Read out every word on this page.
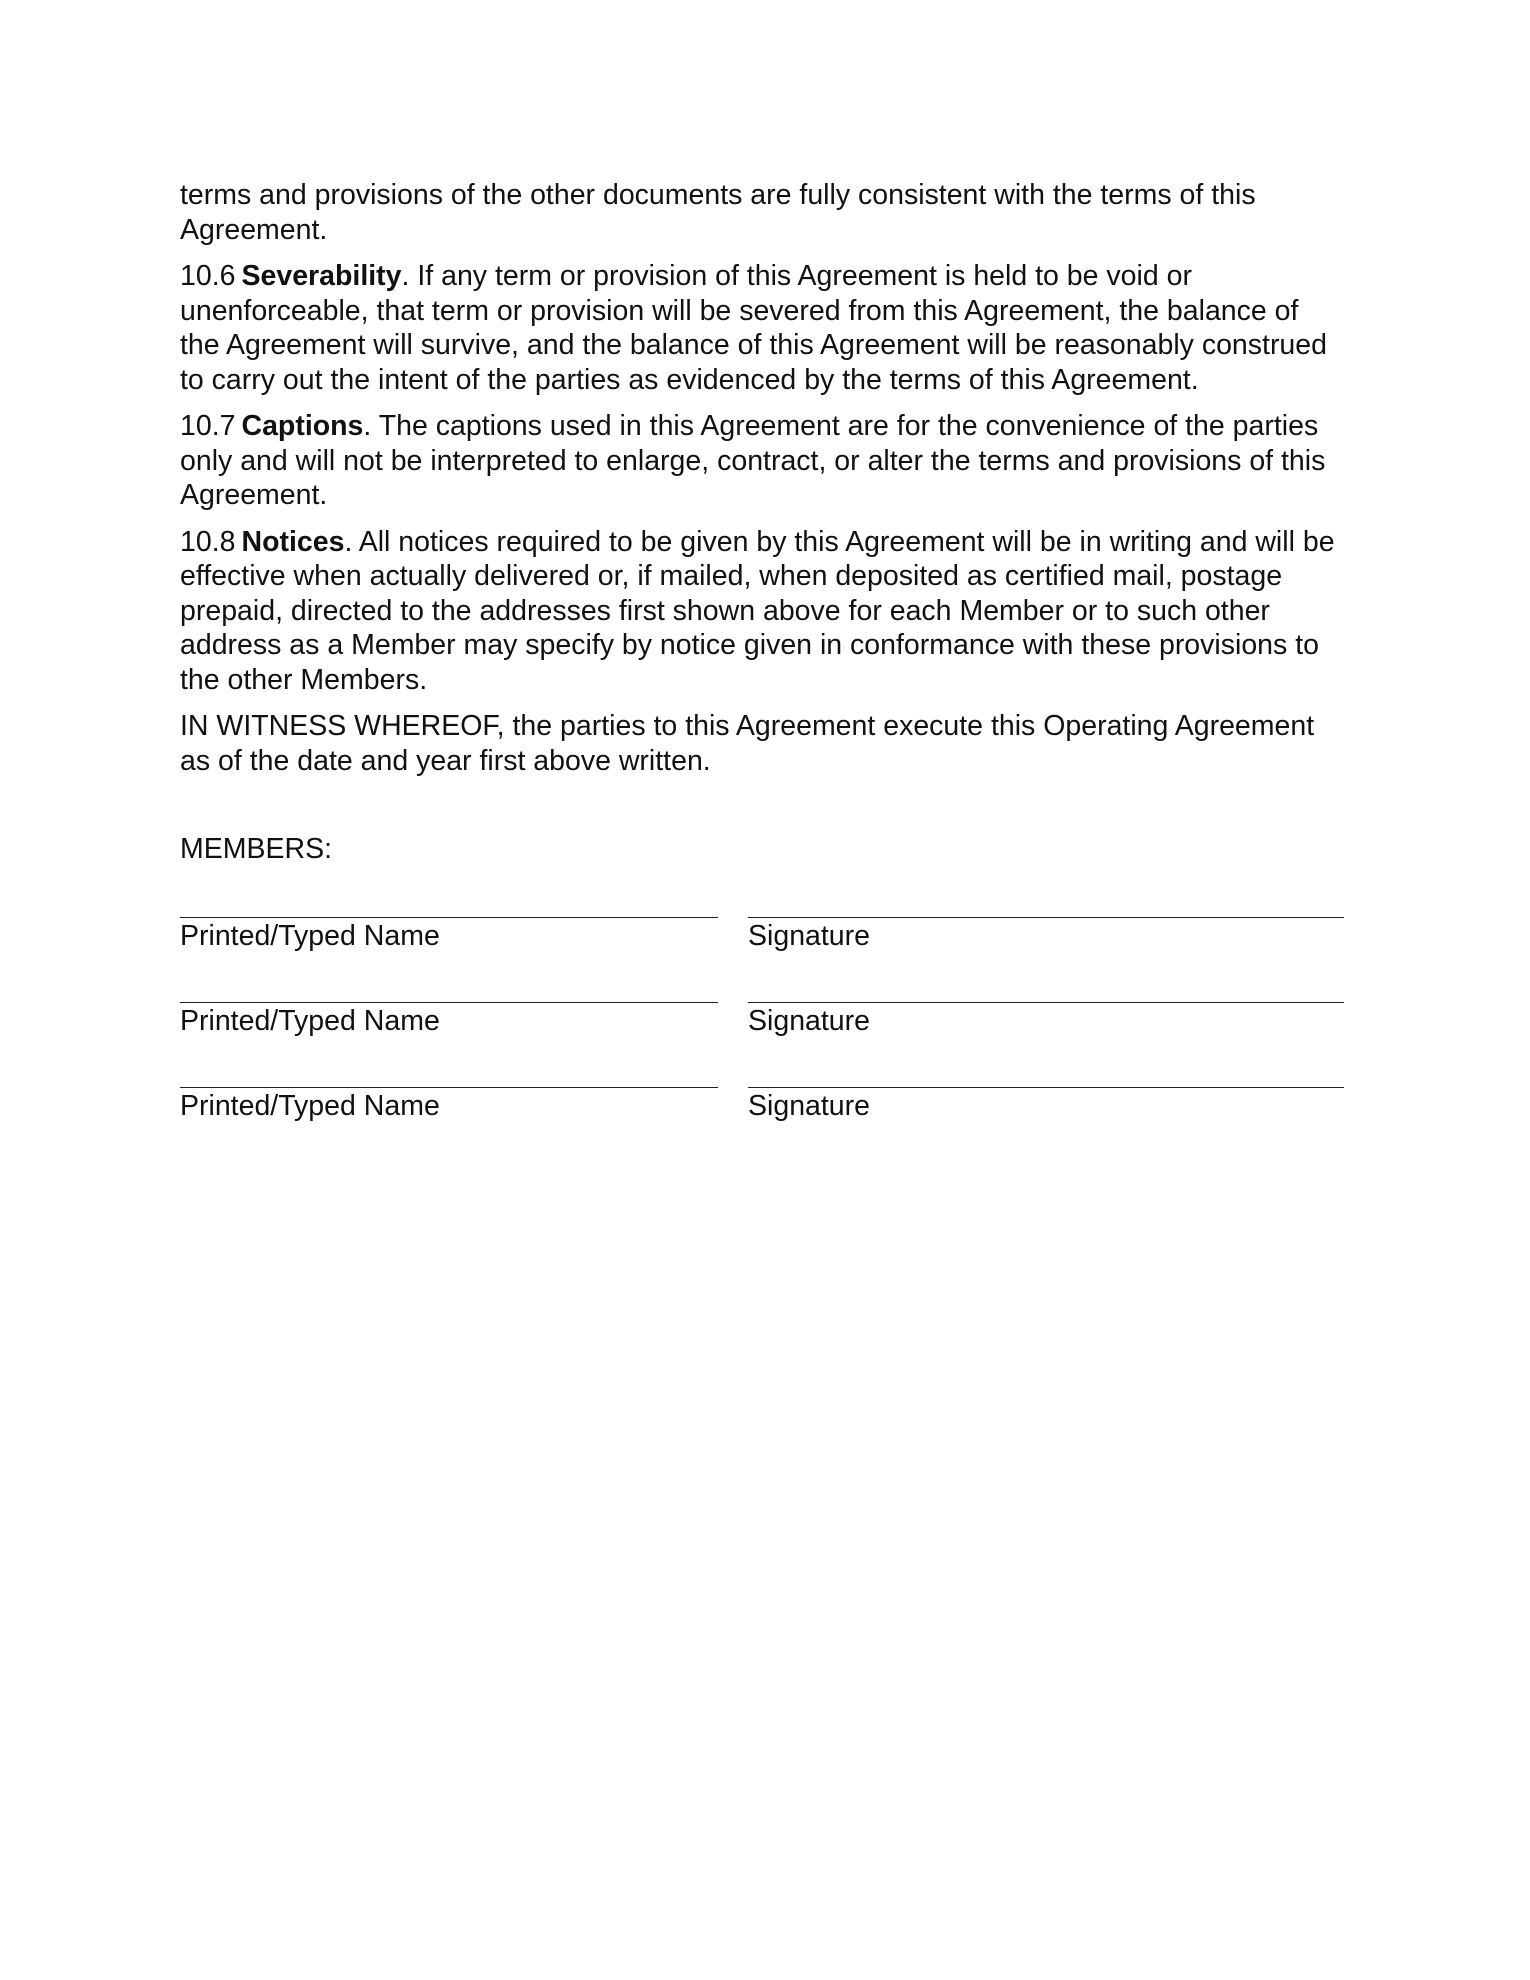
terms and provisions of the other documents are fully consistent with the terms of this Agreement.

10.6 Severability. If any term or provision of this Agreement is held to be void or unenforceable, that term or provision will be severed from this Agreement, the balance of the Agreement will survive, and the balance of this Agreement will be reasonably construed to carry out the intent of the parties as evidenced by the terms of this Agreement.

10.7 Captions. The captions used in this Agreement are for the convenience of the parties only and will not be interpreted to enlarge, contract, or alter the terms and provisions of this Agreement.

10.8 Notices. All notices required to be given by this Agreement will be in writing and will be effective when actually delivered or, if mailed, when deposited as certified mail, postage prepaid, directed to the addresses first shown above for each Member or to such other address as a Member may specify by notice given in conformance with these provisions to the other Members.

IN WITNESS WHEREOF, the parties to this Agreement execute this Operating Agreement as of the date and year first above written.

MEMBERS:

Printed/Typed Name	Signature
Printed/Typed Name	Signature
Printed/Typed Name	Signature
